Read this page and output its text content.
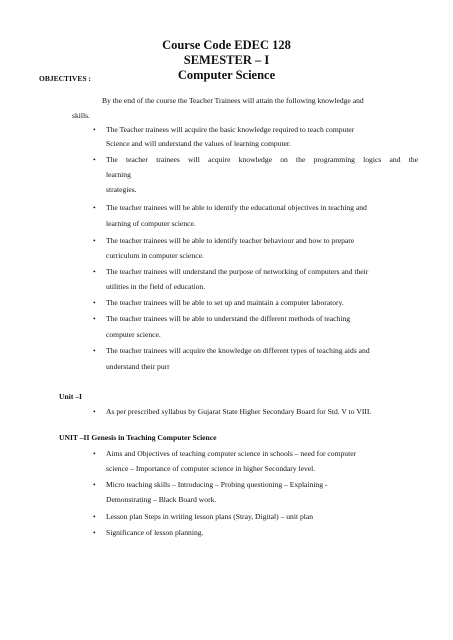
Course Code EDEC 128
SEMESTER – I
Computer Science
OBJECTIVES :
By the end of the course the Teacher Trainees will attain the following knowledge and
skills.
• The Teacher trainees will acquire the basic knowledge required to teach computer
Science and will understand the values of learning computer.
• The teacher trainees will acquire knowledge on the programming logics and the
learning
strategies.
• The teacher trainees will be able to identify the educational objectives in teaching and
learning of computer science.
• The teacher trainees will be able to identify teacher behaviour and how to prepare
curriculum in computer science.
• The teacher trainees will understand the purpose of networking of computers and their
utilities in the field of education.
• The teacher trainees will be able to set up and maintain a computer laboratory.
• The teacher trainees will be able to understand the different methods of teaching
computer science.
• The teacher trainees will acquire the knowledge on different types of teaching aids and
understand their purr
Unit –I
• As per prescribed syllabus by Gujarat State Higher Secondary Board for Std. V to VIII.
UNIT –II Genesis in Teaching Computer Science
• Aims and Objectives of teaching computer science in schools – need for computer
science – Importance of computer science in higher Secondary level.
• Micro teaching skills – Introducing – Probing questioning – Explaining -
Demonstrating – Black Board work.
• Lesson plan Steps in writing lesson plans (Stray, Digital) – unit plan
• Significance of lesson planning.
